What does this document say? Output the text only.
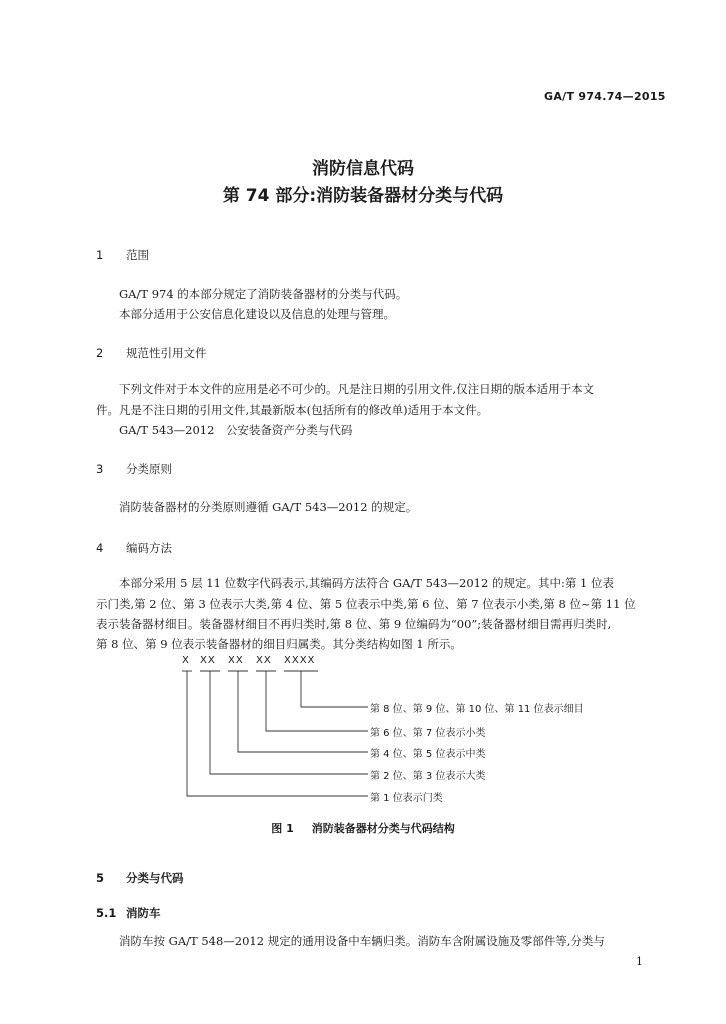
GA/T 974.74—2015
消防信息代码
第 74 部分:消防装备器材分类与代码
1 范围
GA/T 974 的本部分规定了消防装备器材的分类与代码。
本部分适用于公安信息化建设以及信息的处理与管理。
2 规范性引用文件
下列文件对于本文件的应用是必不可少的。凡是注日期的引用文件,仅注日期的版本适用于本文
件。凡是不注日期的引用文件,其最新版本(包括所有的修改单)适用于本文件。
GA/T 543—2012　公安装备资产分类与代码
3 分类原则
消防装备器材的分类原则遵循 GA/T 543—2012 的规定。
4 编码方法
本部分采用 5 层 11 位数字代码表示,其编码方法符合 GA/T 543—2012 的规定。其中:第 1 位表
示门类,第 2 位、第 3 位表示大类,第 4 位、第 5 位表示中类,第 6 位、第 7 位表示小类,第 8 位~第 11 位
表示装备器材细目。装备器材细目不再归类时,第 8 位、第 9 位编码为“00”;装备器材细目需再归类时,
第 8 位、第 9 位表示装备器材的细目归属类。其分类结构如图 1 所示。
X XX XX XX XXXX
第 8 位、第 9 位、第 10 位、第 11 位表示细目
第 6 位、第 7 位表示小类
第 4 位、第 5 位表示中类
第 2 位、第 3 位表示大类
第 1 位表示门类
图 1 消防装备器材分类与代码结构
5 分类与代码
5.1 消防车
消防车按 GA/T 548—2012 规定的通用设备中车辆归类。消防车含附属设施及零部件等,分类与
1
